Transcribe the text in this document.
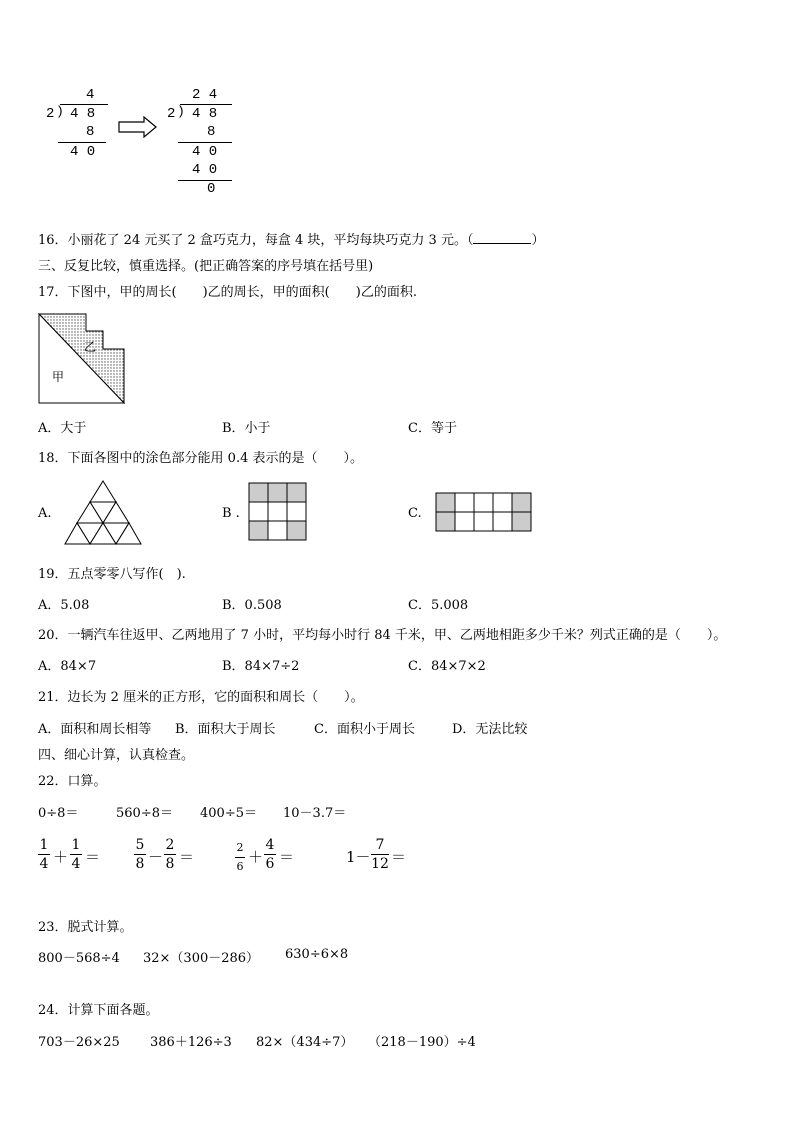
4
2 ) 4 8
8
4 0
2 4
2 ) 4 8
8
4 0
4 0
0
16．小丽花了 24 元买了 2 盒巧克力，每盒 4 块，平均每块巧克力 3 元。（	）
三、反复比较，慎重选择。(把正确答案的序号填在括号里)
17．下图中，甲的周长(　　)乙的周长，甲的面积(　　)乙的面积.
乙
甲
A．大于	B．小于	C．等于
18．下面各图中的涂色部分能用 0.4 表示的是（　　）。
A.	B .	C.
19．五点零零八写作(　).
A．5.08	B．0.508	C．5.008
20．一辆汽车往返甲、乙两地用了 7 小时，平均每小时行 84 千米，甲、乙两地相距多少千米？列式正确的是（　　）。
A．84×7	B．84×7÷2	C．84×7×2
21．边长为 2 厘米的正方形，它的面积和周长（　　）。
A．面积和周长相等 B．面积大于周长	C．面积小于周长	D．无法比较
四、细心计算，认真检查。
22．口算。
0÷8＝	560÷8＝ 400÷5＝ 10－3.7＝
1
4 ＋
1
4 ＝
5
8 －
2
8 ＝
2
6
＋
4
6 ＝	1－
7
12 ＝
23．脱式计算。
800－568÷4 32×（300－286） 630÷6×8
24．计算下面各题。
703－26×25 386＋126÷3 82×（434÷7） （218－190）÷4
